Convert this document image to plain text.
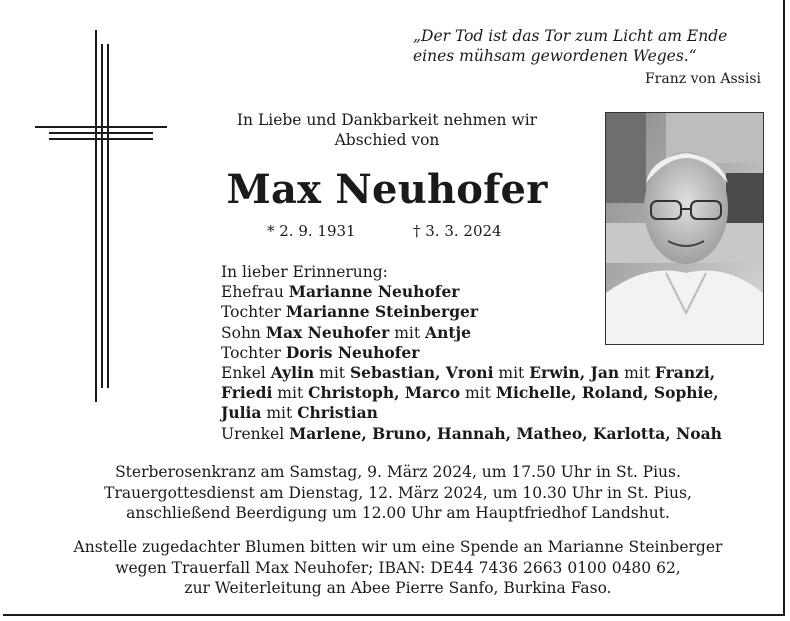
„Der Tod ist das Tor zum Licht am Ende
eines mühsam gewordenen Weges.“
Franz von Assisi
In Liebe und Dankbarkeit nehmen wir
Abschied von
Max Neuhofer
* 2. 9. 1931	† 3. 3. 2024
In lieber Erinnerung:
Ehefrau Marianne Neuhofer
Tochter Marianne Steinberger
Sohn Max Neuhofer mit Antje
Tochter Doris Neuhofer
Enkel Aylin mit Sebastian, Vroni mit Erwin, Jan mit Franzi,
Friedi mit Christoph, Marco mit Michelle, Roland, Sophie,
Julia mit Christian
Urenkel Marlene, Bruno, Hannah, Matheo, Karlotta, Noah
Sterberosenkranz am Samstag, 9. März 2024, um 17.50 Uhr in St. Pius.
Trauergottesdienst am Dienstag, 12. März 2024, um 10.30 Uhr in St. Pius,
anschließend Beerdigung um 12.00 Uhr am Hauptfriedhof Landshut.
Anstelle zugedachter Blumen bitten wir um eine Spende an Marianne Steinberger
wegen Trauerfall Max Neuhofer; IBAN: DE44 7436 2663 0100 0480 62,
zur Weiterleitung an Abee Pierre Sanfo, Burkina Faso.
